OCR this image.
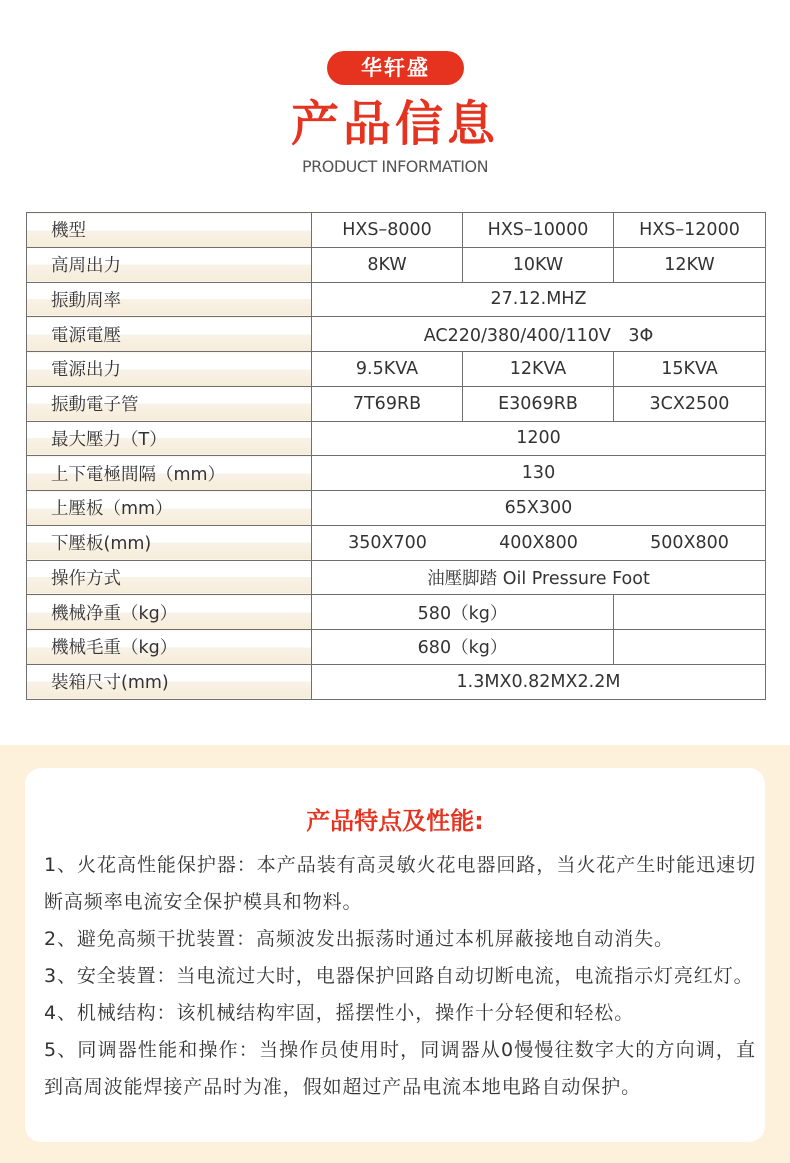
华轩盛
产品信息
PRODUCT INFORMATION
機型	HXS–8000	HXS–10000	HXS–12000
高周出力	8KW	10KW	12KW
振動周率	27.12.MHZ		
電源電壓	AC220/380/400/110V　3Φ		
電源出力	9.5KVA	12KVA	15KVA
振動電子管	7T69RB	E3069RB	3CX2500
最大壓力（T）	1200		
上下電極間隔（mm）	130		
上壓板（mm）	65X300		
下壓板(mm)	350X700 400X800 500X800		

操作方式	油壓脚踏 Oil Pressure Foot		
機械净重（kg）	580（kg）		
機械毛重（kg）	680（kg）		
裝箱尺寸(mm)	1.3MX0.82MX2.2M		
产品特点及性能:

1、火花高性能保护器：本产品装有高灵敏火花电器回路，当火花产生时能迅速切断高频率电流安全保护模具和物料。

2、避免高频干扰装置：高频波发出振荡时通过本机屏蔽接地自动消失。

3、安全装置：当电流过大时，电器保护回路自动切断电流，电流指示灯亮红灯。

4、机械结构：该机械结构牢固，摇摆性小，操作十分轻便和轻松。

5、同调器性能和操作：当操作员使用时，同调器从0慢慢往数字大的方向调，直到高周波能焊接产品时为准，假如超过产品电流本地电路自动保护。
